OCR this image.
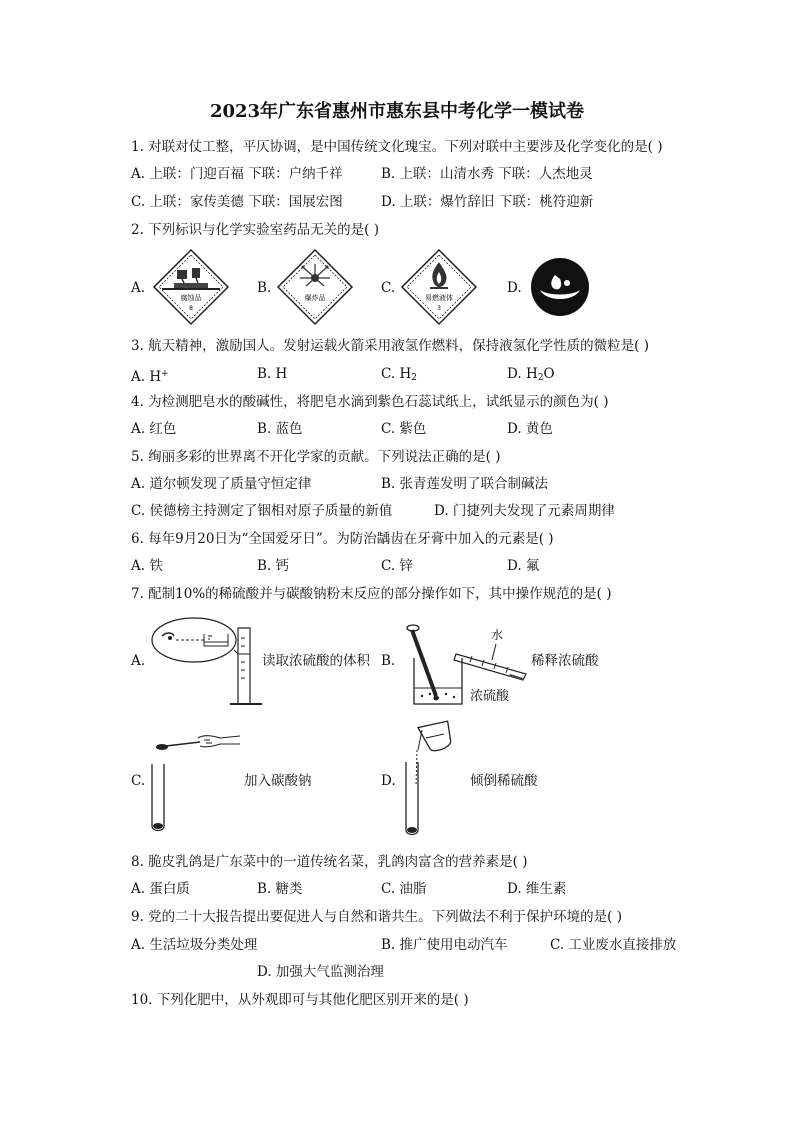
2023年广东省惠州市惠东县中考化学一模试卷
1. 对联对仗工整，平仄协调，是中国传统文化瑰宝。下列对联中主要涉及化学变化的是( )
A. 上联：门迎百福 下联：户纳千祥	B. 上联：山清水秀 下联：人杰地灵
C. 上联：家传美德 下联：国展宏图	D. 上联：爆竹辞旧 下联：桃符迎新
2. 下列标识与化学实验室药品无关的是( )
A.
腐蚀品
8
B.
爆炸品
C.
易燃液体
3
D.
3. 航天精神，激励国人。发射运载火箭采用液氢作燃料，保持液氢化学性质的微粒是( )
A. H+	B. H	C. $H_2$	D. $H_2O$
4. 为检测肥皂水的酸碱性，将肥皂水滴到紫色石蕊试纸上，试纸显示的颜色为( )
A. 红色	B. 蓝色	C. 紫色	D. 黄色
5. 绚丽多彩的世界离不开化学家的贡献。下列说法正确的是( )
A. 道尔顿发现了质量守恒定律	B. 张青莲发明了联合制碱法
C. 侯德榜主持测定了铟相对原子质量的新值	D. 门捷列夫发现了元素周期律
6. 每年9月20日为“全国爱牙日”。为防治龋齿在牙膏中加入的元素是( )
A. 铁	B. 钙	C. 锌	D. 氟
7. 配制10%的稀硫酸并与碳酸钠粉末反应的部分操作如下，其中操作规范的是( )
A.	读取浓硫酸的体积 B.
水
稀释浓硫酸
浓硫酸
C.	加入碳酸钠	D.	倾倒稀硫酸
8. 脆皮乳鸽是广东菜中的一道传统名菜，乳鸽肉富含的营养素是( )
A. 蛋白质	B. 糖类	C. 油脂	D. 维生素
9. 党的二十大报告提出要促进人与自然和谐共生。下列做法不利于保护环境的是( )
A. 生活垃圾分类处理	B. 推广使用电动汽车	C. 工业废水直接排放
D. 加强大气监测治理
10. 下列化肥中，从外观即可与其他化肥区别开来的是( )
